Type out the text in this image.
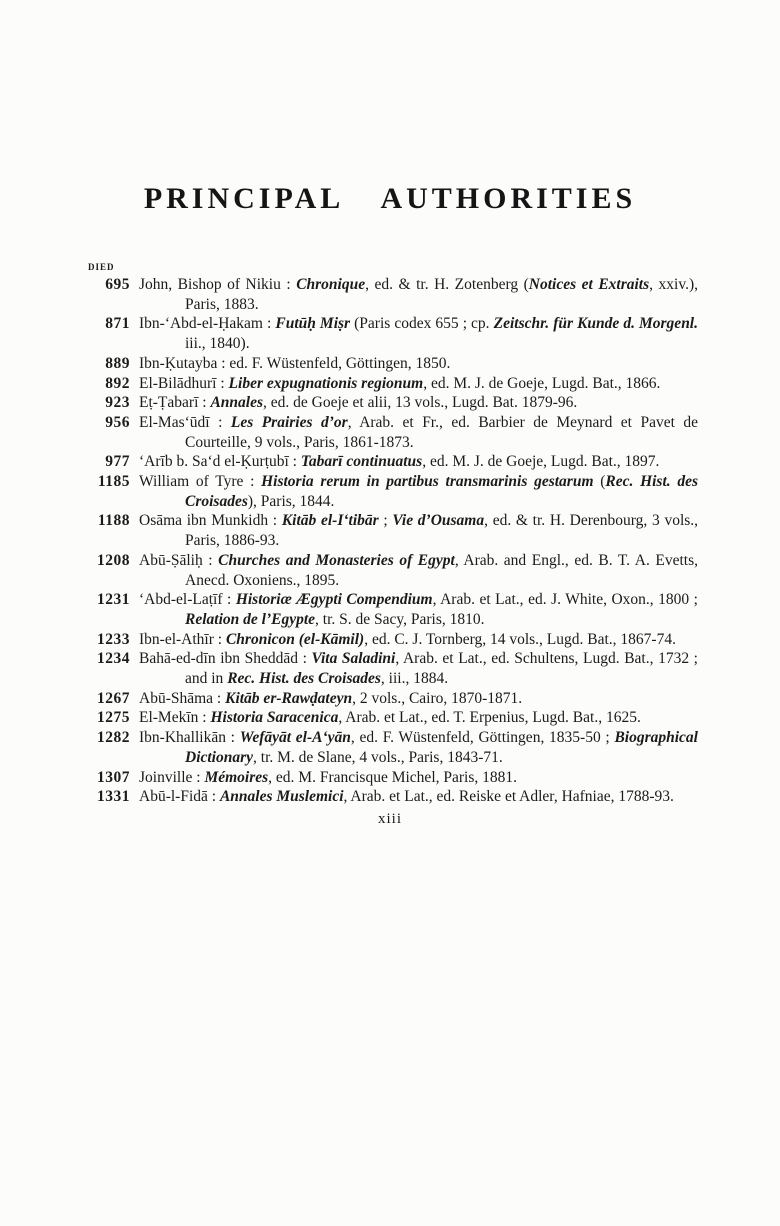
PRINCIPAL AUTHORITIES
DIED
695 John, Bishop of Nikiu : Chronique, ed. & tr. H. Zotenberg (Notices et Extraits, xxiv.), Paris, 1883.
871 Ibn-ʻAbd-el-Ḥakam : Futūḥ Miṣr (Paris codex 655 ; cp. Zeitschr. für Kunde d. Morgenl. iii., 1840).
889 Ibn-Ḳutayba : ed. F. Wüstenfeld, Göttingen, 1850.
892 El-Bilādhurī : Liber expugnationis regionum, ed. M. J. de Goeje, Lugd. Bat., 1866.
923 Eṭ-Ṭabarī : Annales, ed. de Goeje et alii, 13 vols., Lugd. Bat. 1879-96.
956 El-Masʻūdī : Les Prairies d’or, Arab. et Fr., ed. Barbier de Meynard et Pavet de Courteille, 9 vols., Paris, 1861-1873.
977 ʻArīb b. Saʻd el-Ḳurṭubī : Tabarī continuatus, ed. M. J. de Goeje, Lugd. Bat., 1897.
1185 William of Tyre : Historia rerum in partibus transmarinis gestarum (Rec. Hist. des Croisades), Paris, 1844.
1188 Osāma ibn Munkidh : Kitāb el-Iʻtibār ; Vie d’Ousama, ed. & tr. H. Derenbourg, 3 vols., Paris, 1886-93.
1208 Abū-Ṣāliḥ : Churches and Monasteries of Egypt, Arab. and Engl., ed. B. T. A. Evetts, Anecd. Oxoniens., 1895.
1231 ʻAbd-el-Laṭīf : Historiæ Ægypti Compendium, Arab. et Lat., ed. J. White, Oxon., 1800 ; Relation de l’Egypte, tr. S. de Sacy, Paris, 1810.
1233 Ibn-el-Athīr : Chronicon (el-Kāmil), ed. C. J. Tornberg, 14 vols., Lugd. Bat., 1867-74.
1234 Bahā-ed-dīn ibn Sheddād : Vita Saladini, Arab. et Lat., ed. Schultens, Lugd. Bat., 1732 ; and in Rec. Hist. des Croisades, iii., 1884.
1267 Abū-Shāma : Kitāb er-Rawḍateyn, 2 vols., Cairo, 1870-1871.
1275 El-Mekīn : Historia Saracenica, Arab. et Lat., ed. T. Erpenius, Lugd. Bat., 1625.
1282 Ibn-Khallikān : Wefāyāt el-Aʻyān, ed. F. Wüstenfeld, Göttingen, 1835-50 ; Biographical Dictionary, tr. M. de Slane, 4 vols., Paris, 1843-71.
1307 Joinville : Mémoires, ed. M. Francisque Michel, Paris, 1881.
1331 Abū-l-Fidā : Annales Muslemici, Arab. et Lat., ed. Reiske et Adler, Hafniae, 1788-93.
xiii
